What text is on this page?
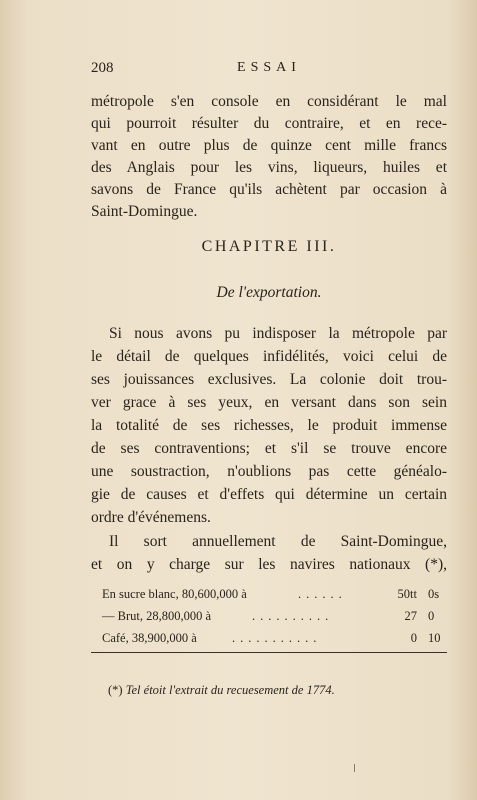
208	ESSAI
métropole s'en console en considérant le mal
qui pourroit résulter du contraire, et en rece-
vant en outre plus de quinze cent mille francs
des Anglais pour les vins, liqueurs, huiles et
savons de France qu'ils achètent par occasion à
Saint-Domingue.
CHAPITRE III.
De l'exportation.
Si nous avons pu indisposer la métropole par
le détail de quelques infidélités, voici celui de
ses jouissances exclusives. La colonie doit trou-
ver grace à ses yeux, en versant dans son sein
la totalité de ses richesses, le produit immense
de ses contraventions; et s'il se trouve encore
une soustraction, n'oublions pas cette généalo-
gie de causes et d'effets qui détermine un certain
ordre d'événemens.
Il sort annuellement de Saint-Domingue,
et on y charge sur les navires nationaux (*),
En sucre blanc, 80,600,000 à	......	50tt 0s
— Brut, 28,800,000 à	..........	27 0
Café, 38,900,000 à	...........	0 10
(*) Tel étoit l'extrait du recuesement de 1774.
